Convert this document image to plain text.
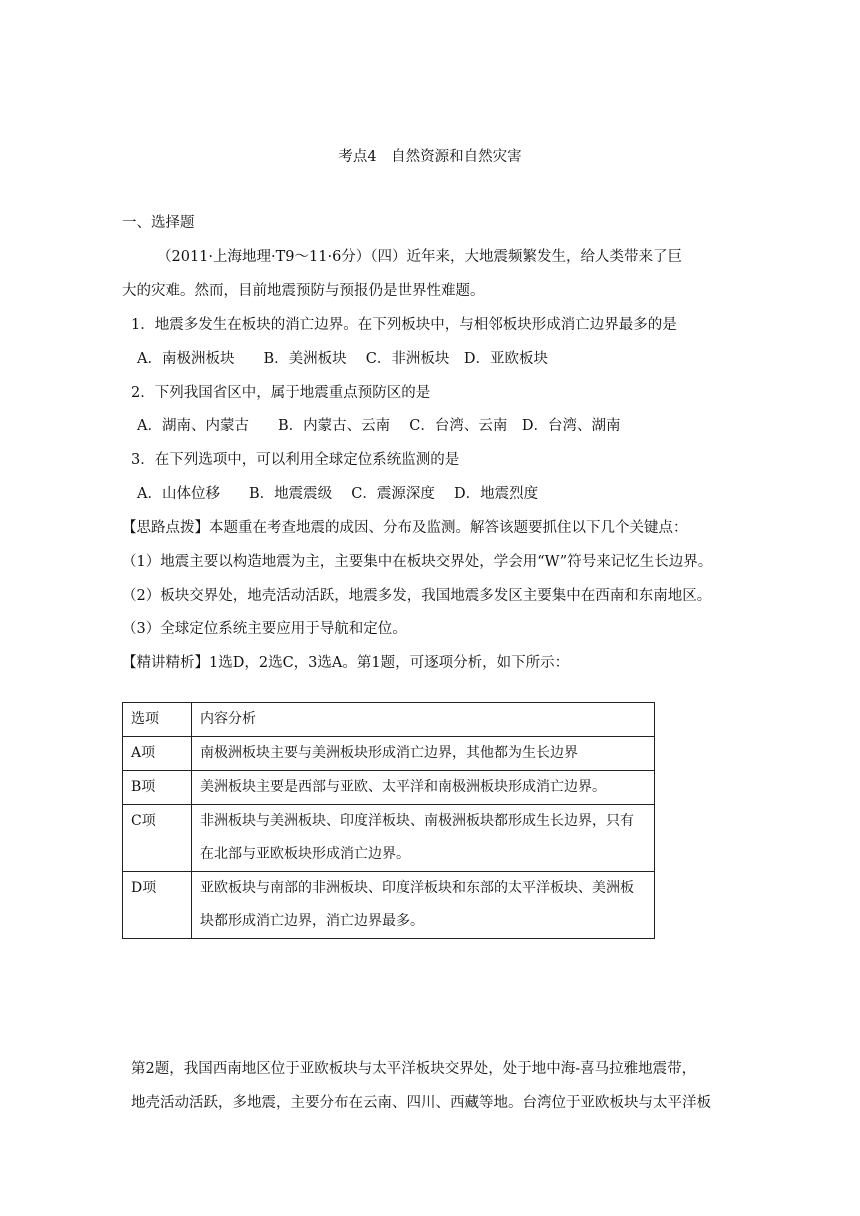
考点4　自然资源和自然灾害
一、选择题
（2011·上海地理·T9～11·6分）（四）近年来，大地震频繁发生，给人类带来了巨
大的灾难。然而，目前地震预防与预报仍是世界性难题。
1．地震多发生在板块的消亡边界。在下列板块中，与相邻板块形成消亡边界最多的是
A．南极洲板块　　B．美洲板块　 C．非洲板块　D．亚欧板块
2．下列我国省区中，属于地震重点预防区的是
A．湖南、内蒙古　　B．内蒙古、云南　 C．台湾、云南　D．台湾、湖南
3．在下列选项中，可以利用全球定位系统监测的是
A．山体位移　　B．地震震级　 C．震源深度　 D．地震烈度
【思路点拨】本题重在考查地震的成因、分布及监测。解答该题要抓住以下几个关键点：
（1）地震主要以构造地震为主，主要集中在板块交界处，学会用“W”符号来记忆生长边界。
（2）板块交界处，地壳活动活跃，地震多发，我国地震多发区主要集中在西南和东南地区。
（3）全球定位系统主要应用于导航和定位。
【精讲精析】1选D，2选C，3选A。第1题，可逐项分析，如下所示：
选项	内容分析
A项	南极洲板块主要与美洲板块形成消亡边界，其他都为生长边界
B项	美洲板块主要是西部与亚欧、太平洋和南极洲板块形成消亡边界。
C项	非洲板块与美洲板块、印度洋板块、南极洲板块都形成生长边界，只有在北部与亚欧板块形成消亡边界。
D项	亚欧板块与南部的非洲板块、印度洋板块和东部的太平洋板块、美洲板块都形成消亡边界，消亡边界最多。
第2题，我国西南地区位于亚欧板块与太平洋板块交界处，处于地中海-喜马拉雅地震带，
地壳活动活跃，多地震，主要分布在云南、四川、西藏等地。台湾位于亚欧板块与太平洋板
